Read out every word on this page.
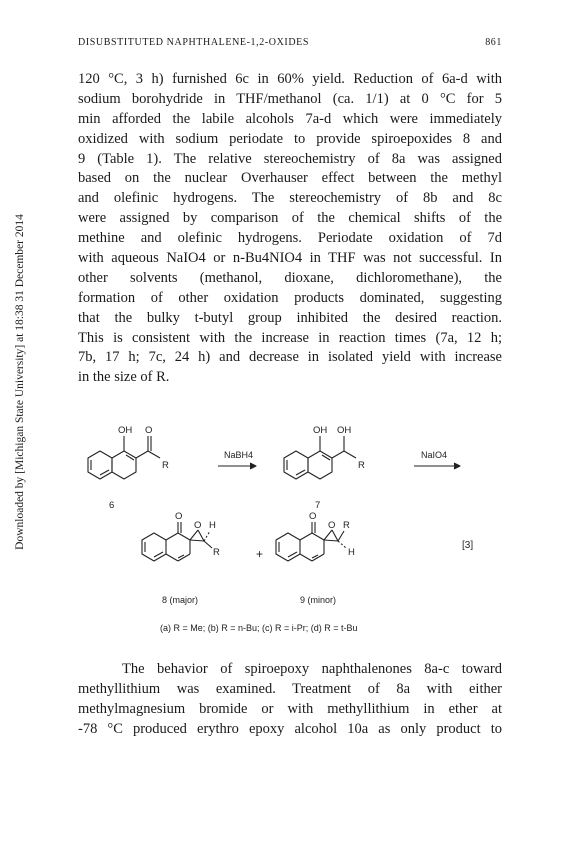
DISUBSTITUTED NAPHTHALENE-1,2-OXIDES	861
Downloaded by [Michigan State University] at 18:38 31 December 2014
120 °C, 3 h) furnished 6c in 60% yield. Reduction of 6a-d with
sodium borohydride in THF/methanol (ca. 1/1) at 0 °C for 5
min afforded the labile alcohols 7a-d which were immediately
oxidized with sodium periodate to provide spiroepoxides 8 and
9 (Table 1). The relative stereochemistry of 8a was assigned
based on the nuclear Overhauser effect between the methyl
and olefinic hydrogens. The stereochemistry of 8b and 8c
were assigned by comparison of the chemical shifts of the
methine and olefinic hydrogens. Periodate oxidation of 7d
with aqueous NaIO4 or n-Bu4NIO4 in THF was not successful. In
other solvents (methanol, dioxane, dichloromethane), the
formation of other oxidation products dominated, suggesting
that the bulky t-butyl group inhibited the desired reaction.
This is consistent with the increase in reaction times (7a, 12 h;
7b, 17 h; 7c, 24 h) and decrease in isolated yield with increase
in the size of R.
OH O
R
6
NaBH4
OH OH
R
7
NaIO4
O
O H
R
8 (major)
+
O
O R
H
9 (minor)
[3]
(a) R = Me; (b) R = n-Bu; (c) R = i-Pr; (d) R = t-Bu
The behavior of spiroepoxy naphthalenones 8a-c toward
methyllithium was examined. Treatment of 8a with either
methylmagnesium bromide or with methyllithium in ether at
-78 °C produced erythro epoxy alcohol 10a as only product to
